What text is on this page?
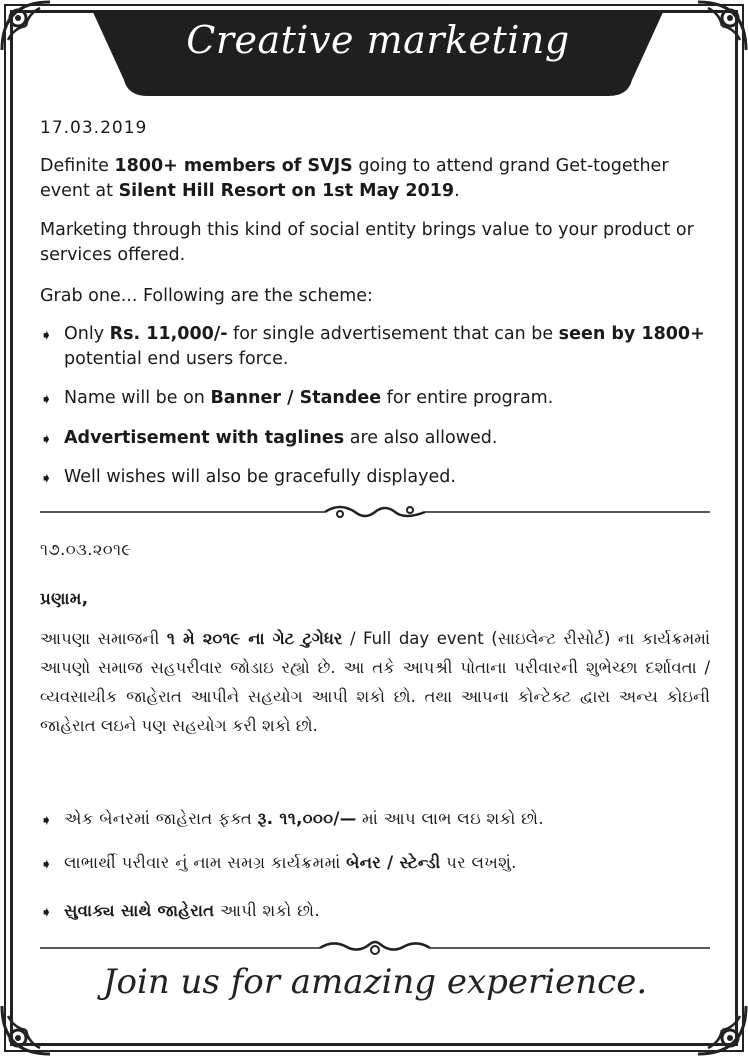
Creative marketing
17.03.2019

Definite 1800+ members of SVJS going to attend grand Get-together event at Silent Hill Resort on 1st May 2019.

Marketing through this kind of social entity brings value to your product or services offered.
Grab one... Following are the scheme:
➧ Only Rs. 11,000/- for single advertisement that can be seen by 1800+ potential end users force.
➧ Name will be on Banner / Standee for entire program.
➧ Advertisement with taglines are also allowed.
➧ Well wishes will also be gracefully displayed.
૧૭.૦૩.૨૦૧૯
પ્રણામ,
આપણા સમાજની ૧ મે ૨૦૧૯ ના ગેટ ટુગેધર / Full day event (સાઇલેન્ટ રીસોર્ટ) ના કાર્યક્રમમાં આપણો સમાજ સહપરીવાર જોડાઇ રહ્યો છે. આ તકે આપશ્રી પોતાના પરીવારની શુભેચ્છા દર્શાવતા / વ્યવસાયીક જાહેરાત આપીને સહયોગ આપી શકો છો. તથા આપના કોન્ટેક્ટ દ્વારા અન્ય કોઇની જાહેરાત લઇને પણ સહયોગ કરી શકો છો.
➧ એક બેનરમાં જાહેરાત ફક્ત રૂ. ૧૧,૦૦૦/— માં આપ લાભ લઇ શકો છો.
➧ લાભાર્થી પરીવાર નું નામ સમગ્ર કાર્યક્રમમાં બેનર / સ્ટેન્ડી પર લખશું.
➧ સુવાક્ય સાથે જાહેરાત આપી શકો છો.
Join us for amazing experience.
